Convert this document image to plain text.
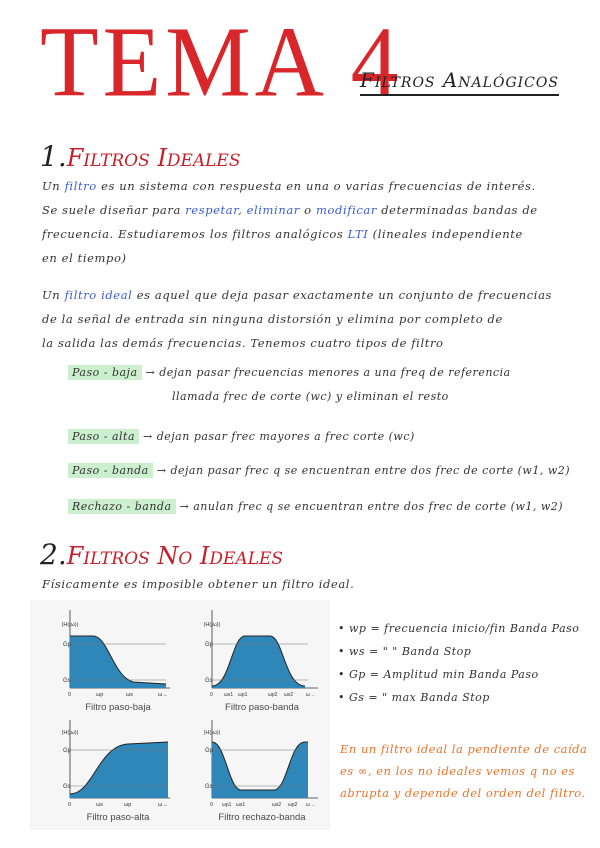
TEMA 4
Filtros Analógicos
1.Filtros Ideales

Un filtro es un sistema con respuesta en una o varias frecuencias de interés.

Se suele diseñar para respetar, eliminar o modificar determinadas bandas de

frecuencia. Estudiaremos los filtros analógicos LTI (lineales independiente

en el tiempo)

Un filtro ideal es aquel que deja pasar exactamente un conjunto de frecuencias

de la señal de entrada sin ninguna distorsión y elimina por completo de

la salida las demás frecuencias. Tenemos cuatro tipos de filtro

Paso - baja → dejan pasar frecuencias menores a una freq de referencia
llamada frec de corte (wc) y eliminan el resto
Paso - alta → dejan pasar frec mayores a frec corte (wc)
Paso - banda → dejan pasar frec q se encuentran entre dos frec de corte (w1, w2)
Rechazo - banda → anulan frec q se encuentran entre dos frec de corte (w1, w2)
2.Filtros No Ideales
Físicamente es imposible obtener un filtro ideal.
|H(jω)|
Gp
Gs
0	ωp	ωs	ω→
Filtro paso-baja
|H(jω)|
Gp
Gs
0 ωs1 ωp1	ωp2 ωs2	ω→
Filtro paso-banda
|H(jω)|
Gp
Gs
0	ωs	ωp	ω→
Filtro paso-alta
|H(jω)|
Gp
Gs
0 ωp1 ωs1	ωs2 ωp2 ω→
Filtro rechazo-banda
• wp = frecuencia inicio/fin Banda Paso
• ws = " " Banda Stop
• Gp = Amplitud min Banda Paso
• Gs = " max Banda Stop
En un filtro ideal la pendiente de caída
es ∞, en los no ideales vemos q no es
abrupta y depende del orden del filtro.
